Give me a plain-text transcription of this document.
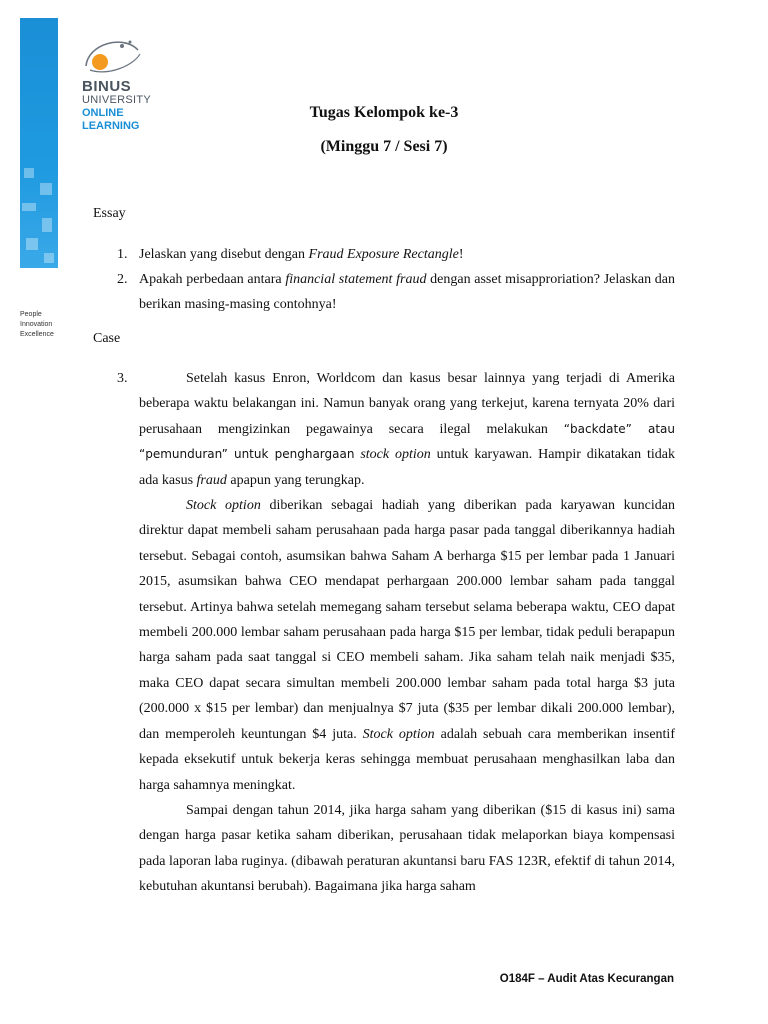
People
Innovation
Excellence
BINUS
UNIVERSITY
ONLINE
LEARNING
Tugas Kelompok ke-3
(Minggu 7 / Sesi 7)
Essay
1. Jelaskan yang disebut dengan Fraud Exposure Rectangle!
2. Apakah perbedaan antara financial statement fraud dengan asset misapproriation? Jelaskan dan berikan masing-masing contohnya!
Case
3.	Setelah kasus Enron, Worldcom dan kasus besar lainnya yang terjadi di Amerika beberapa waktu belakangan ini. Namun banyak orang yang terkejut, karena ternyata 20% dari perusahaan mengizinkan pegawainya secara ilegal melakukan “backdate” atau “pemunduran” untuk penghargaan stock option untuk karyawan. Hampir dikatakan tidak ada kasus fraud apapun yang terungkap.

Stock option diberikan sebagai hadiah yang diberikan pada karyawan kuncidan direktur dapat membeli saham perusahaan pada harga pasar pada tanggal diberikannya hadiah tersebut. Sebagai contoh, asumsikan bahwa Saham A berharga $15 per lembar pada 1 Januari 2015, asumsikan bahwa CEO mendapat perhargaan 200.000 lembar saham pada tanggal tersebut. Artinya bahwa setelah memegang saham tersebut selama beberapa waktu, CEO dapat membeli 200.000 lembar saham perusahaan pada harga $15 per lembar, tidak peduli berapapun harga saham pada saat tanggal si CEO membeli saham. Jika saham telah naik menjadi $35, maka CEO dapat secara simultan membeli 200.000 lembar saham pada total harga $3 juta (200.000 x $15 per lembar) dan menjualnya $7 juta ($35 per lembar dikali 200.000 lembar), dan memperoleh keuntungan $4 juta. Stock option adalah sebuah cara memberikan insentif kepada eksekutif untuk bekerja keras sehingga membuat perusahaan menghasilkan laba dan harga sahamnya meningkat.

Sampai dengan tahun 2014, jika harga saham yang diberikan ($15 di kasus ini) sama dengan harga pasar ketika saham diberikan, perusahaan tidak melaporkan biaya kompensasi pada laporan laba ruginya. (dibawah peraturan akuntansi baru FAS 123R, efektif di tahun 2014, kebutuhan akuntansi berubah). Bagaimana jika harga saham

O184F – Audit Atas Kecurangan
